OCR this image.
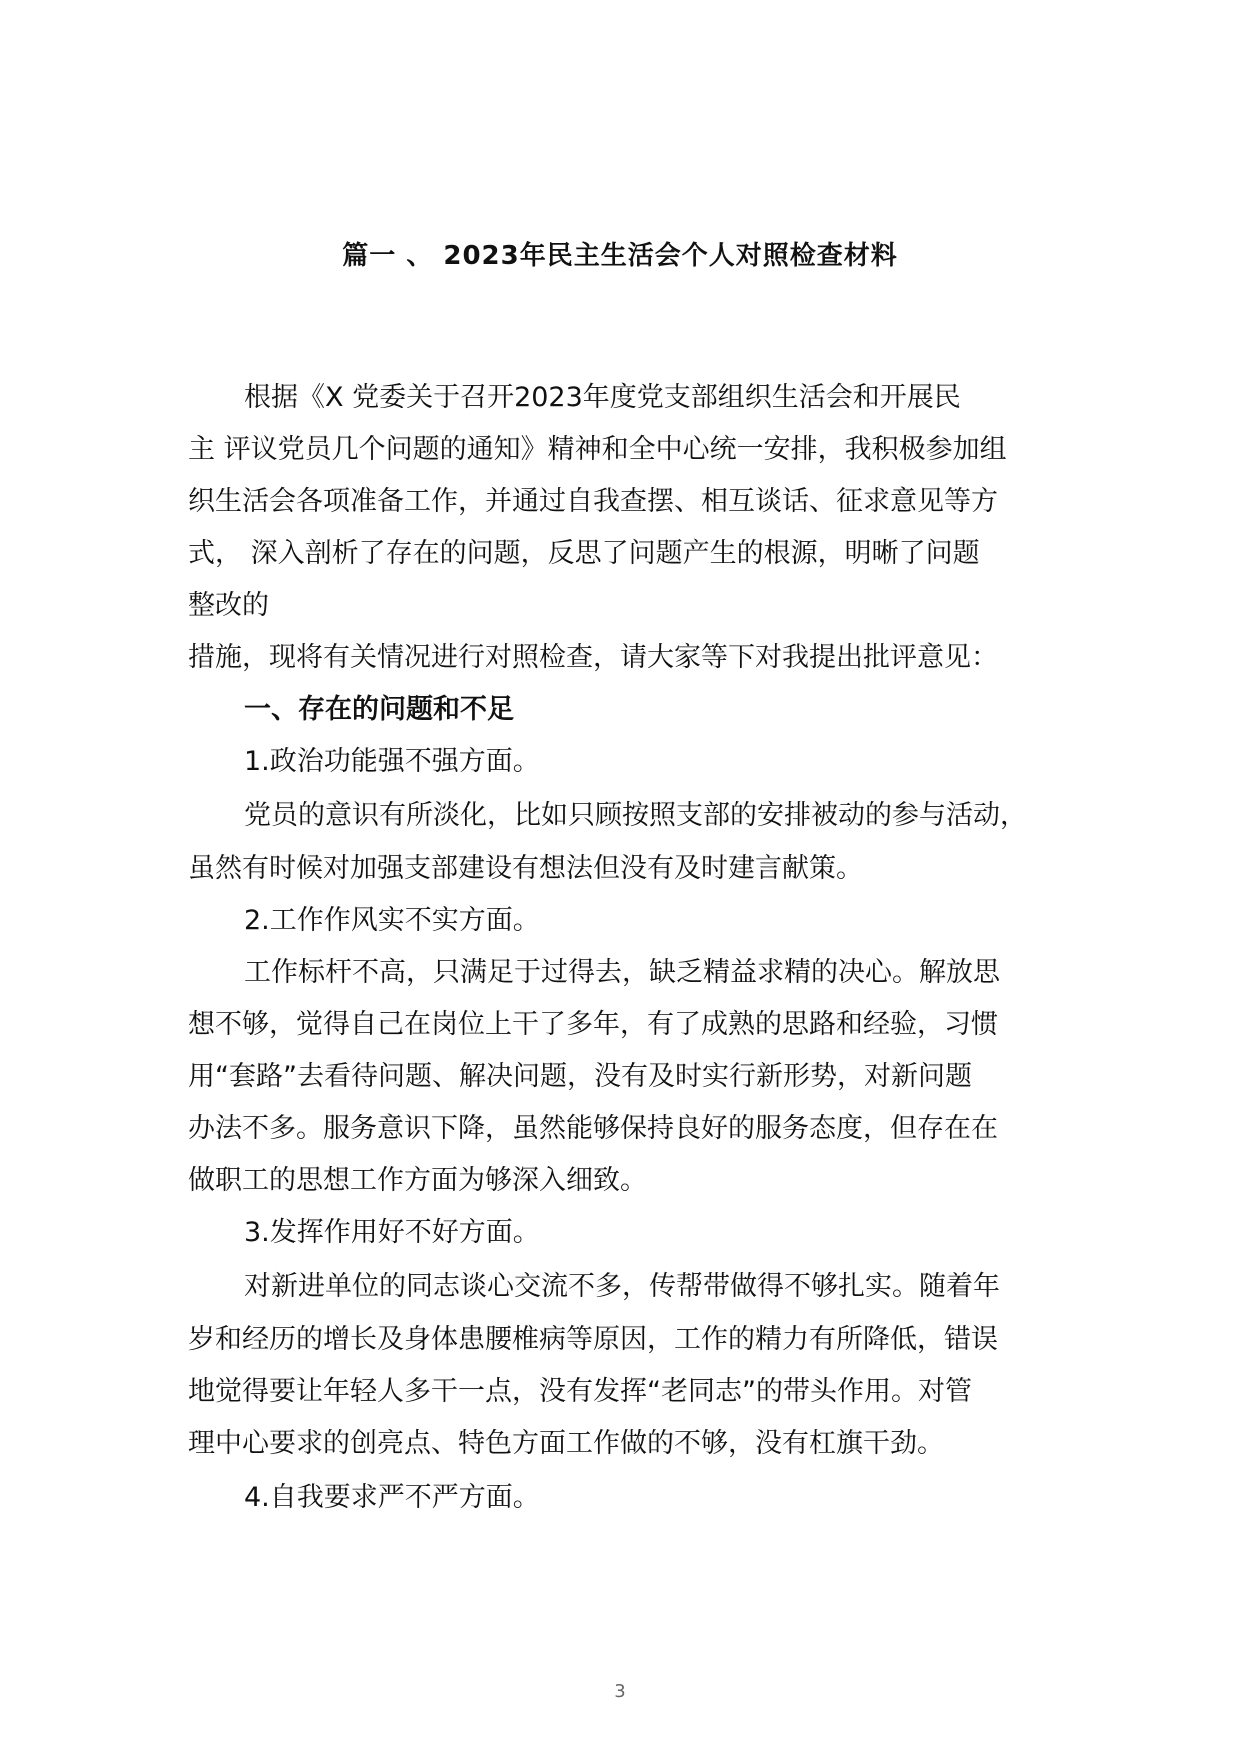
篇一 、 2023年民主生活会个人对照检查材料
根据《X 党委关于召开2023年度党支部组织生活会和开展民
主 评议党员几个问题的通知》精神和全中心统一安排，我积极参加组
织生活会各项准备工作，并通过自我查摆、相互谈话、征求意见等方
式， 深入剖析了存在的问题，反思了问题产生的根源，明晰了问题
整改的
措施，现将有关情况进行对照检查，请大家等下对我提出批评意见：
一、存在的问题和不足
1.政治功能强不强方面。
党员的意识有所淡化，比如只顾按照支部的安排被动的参与活动，
虽然有时候对加强支部建设有想法但没有及时建言献策。
2.工作作风实不实方面。
工作标杆不高，只满足于过得去，缺乏精益求精的决心。解放思
想不够，觉得自己在岗位上干了多年，有了成熟的思路和经验，习惯
用“套路”去看待问题、解决问题，没有及时实行新形势，对新问题
办法不多。服务意识下降，虽然能够保持良好的服务态度，但存在在
做职工的思想工作方面为够深入细致。
3.发挥作用好不好方面。
对新进单位的同志谈心交流不多，传帮带做得不够扎实。随着年
岁和经历的增长及身体患腰椎病等原因，工作的精力有所降低，错误
地觉得要让年轻人多干一点，没有发挥“老同志”的带头作用。对管
理中心要求的创亮点、特色方面工作做的不够，没有杠旗干劲。
4.自我要求严不严方面。
3
